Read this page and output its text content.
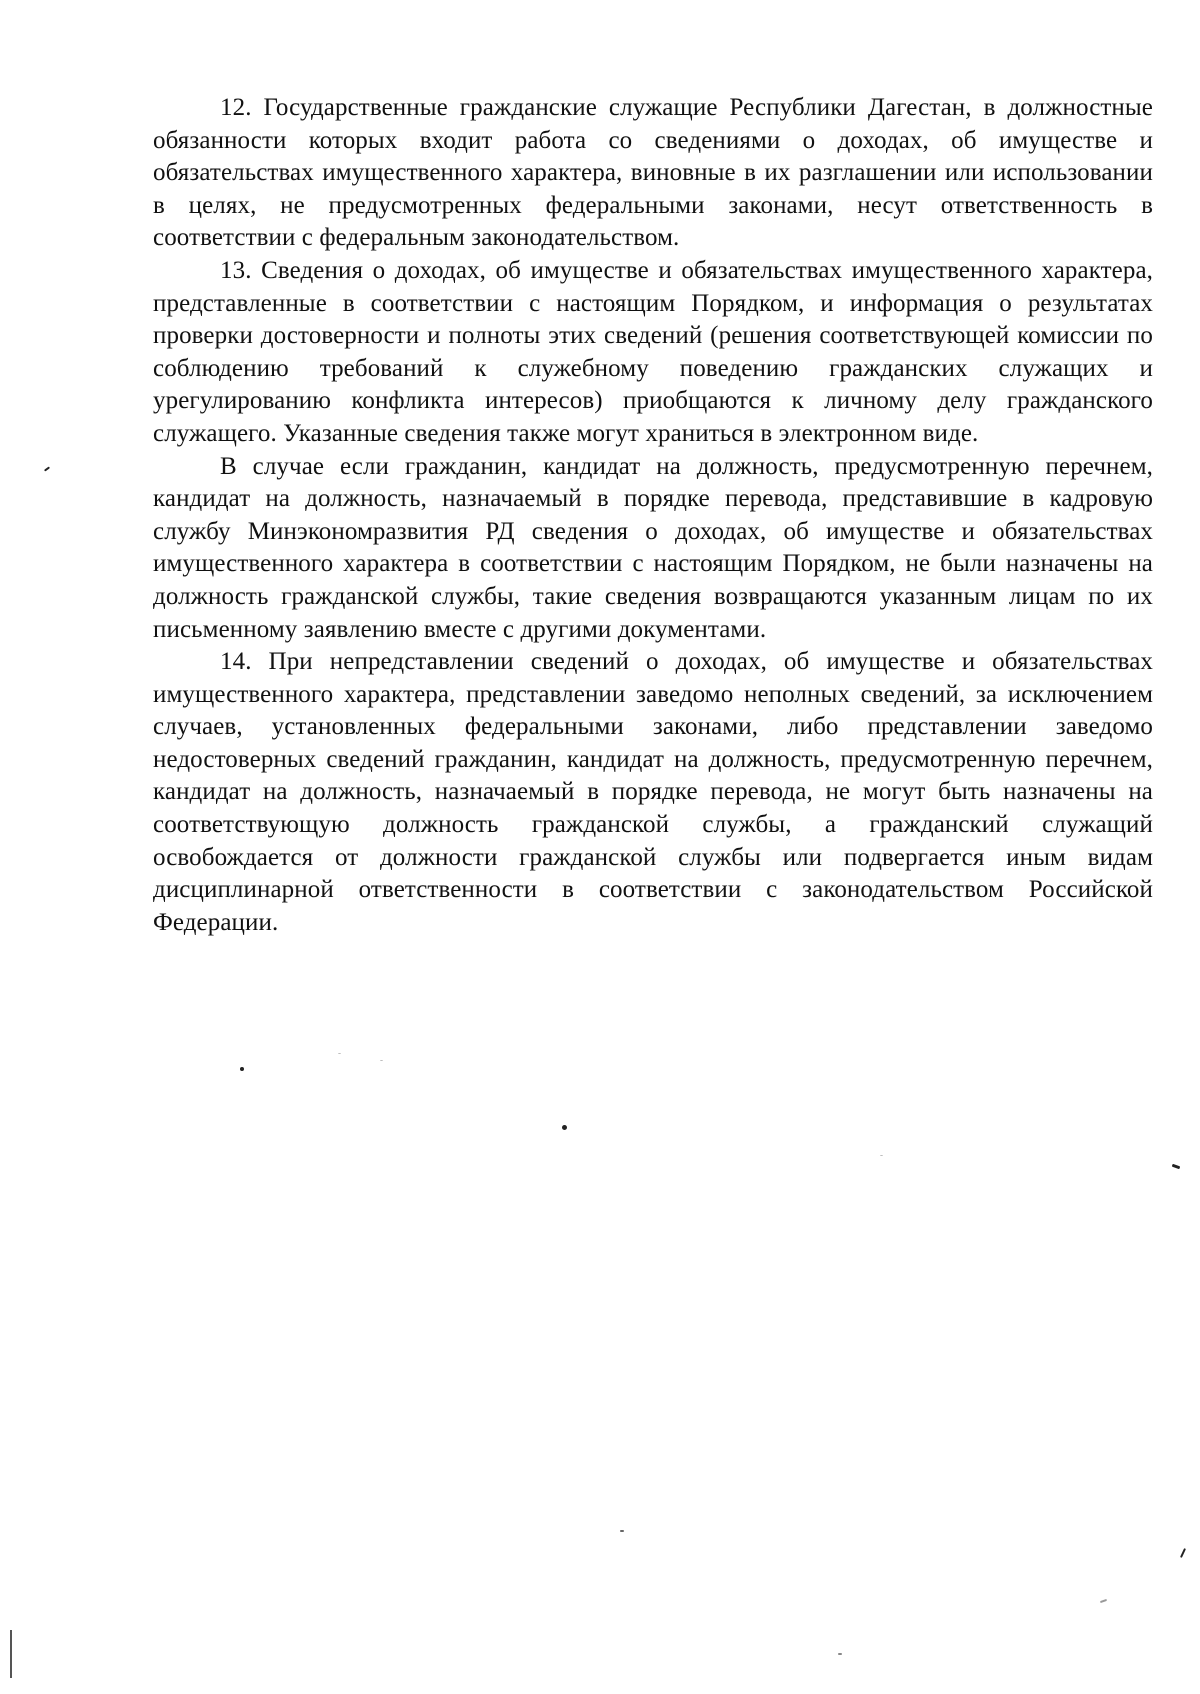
12. Государственные гражданские служащие Республики Дагестан, в должностные обязанности которых входит работа со сведениями о доходах, об имуществе и обязательствах имущественного характера, виновные в их разглашении или использовании в целях, не предусмотренных федеральными законами, несут ответственность в соответствии с федеральным законодательством.

13. Сведения о доходах, об имуществе и обязательствах имущественного характера, представленные в соответствии с настоящим Порядком, и информация о результатах проверки достоверности и полноты этих сведений (решения соответствующей комиссии по соблюдению требований к служебному поведению гражданских служащих и урегулированию конфликта интересов) приобщаются к личному делу гражданского служащего. Указанные сведения также могут храниться в электронном виде.

В случае если гражданин, кандидат на должность, предусмотренную перечнем, кандидат на должность, назначаемый в порядке перевода, представившие в кадровую службу Минэкономразвития РД сведения о доходах, об имуществе и обязательствах имущественного характера в соответствии с настоящим Порядком, не были назначены на должность гражданской службы, такие сведения возвращаются указанным лицам по их письменному заявлению вместе с другими документами.

14. При непредставлении сведений о доходах, об имуществе и обязательствах имущественного характера, представлении заведомо неполных сведений, за исключением случаев, установленных федеральными законами, либо представлении заведомо недостоверных сведений гражданин, кандидат на должность, предусмотренную перечнем, кандидат на должность, назначаемый в порядке перевода, не могут быть назначены на соответствующую должность гражданской службы, а гражданский служащий освобождается от должности гражданской службы или подвергается иным видам дисциплинарной ответственности в соответствии с законодательством Российской Федерации.
